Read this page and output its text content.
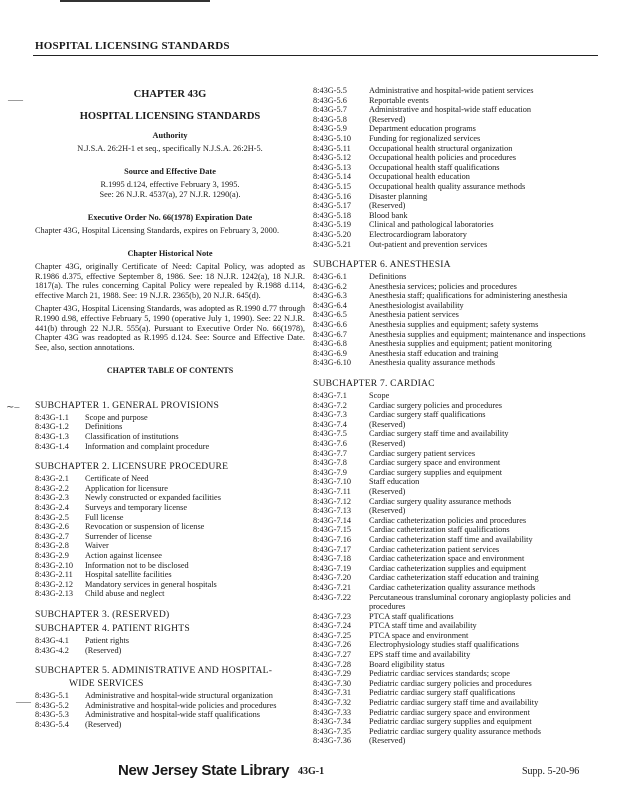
HOSPITAL LICENSING STANDARDS
–—
∼–
–—
CHAPTER 43G
HOSPITAL LICENSING STANDARDS
Authority
N.J.S.A. 26:2H-1 et seq., specifically N.J.S.A. 26:2H-5.
Source and Effective Date
R.1995 d.124, effective February 3, 1995.
See: 26 N.J.R. 4537(a), 27 N.J.R. 1290(a).
Executive Order No. 66(1978) Expiration Date
Chapter 43G, Hospital Licensing Standards, expires on February 3, 2000.
Chapter Historical Note
Chapter 43G, originally Certificate of Need: Capital Policy, was adopted as R.1986 d.375, effective September 8, 1986. See: 18 N.J.R. 1242(a), 18 N.J.R. 1817(a). The rules concerning Capital Policy were repealed by R.1988 d.114, effective March 21, 1988. See: 19 N.J.R. 2365(b), 20 N.J.R. 645(d).
Chapter 43G, Hospital Licensing Standards, was adopted as R.1990 d.77 through R.1990 d.98, effective February 5, 1990 (operative July 1, 1990). See: 22 N.J.R. 441(b) through 22 N.J.R. 555(a). Pursuant to Executive Order No. 66(1978), Chapter 43G was readopted as R.1995 d.124. See: Source and Effective Date. See, also, section annotations.
CHAPTER TABLE OF CONTENTS
SUBCHAPTER 1. GENERAL PROVISIONS
8:43G-1.1	Scope and purpose
8:43G-1.2	Definitions
8:43G-1.3	Classification of institutions
8:43G-1.4	Information and complaint procedure
SUBCHAPTER 2. LICENSURE PROCEDURE
8:43G-2.1	Certificate of Need
8:43G-2.2	Application for licensure
8:43G-2.3	Newly constructed or expanded facilities
8:43G-2.4	Surveys and temporary license
8:43G-2.5	Full license
8:43G-2.6	Revocation or suspension of license
8:43G-2.7	Surrender of license
8:43G-2.8	Waiver
8:43G-2.9	Action against licensee
8:43G-2.10	Information not to be disclosed
8:43G-2.11	Hospital satellite facilities
8:43G-2.12	Mandatory services in general hospitals
8:43G-2.13	Child abuse and neglect
SUBCHAPTER 3. (RESERVED)
SUBCHAPTER 4. PATIENT RIGHTS
8:43G-4.1	Patient rights
8:43G-4.2	(Reserved)
SUBCHAPTER 5. ADMINISTRATIVE AND HOSPITAL-
WIDE SERVICES
8:43G-5.1	Administrative and hospital-wide structural organization
8:43G-5.2	Administrative and hospital-wide policies and procedures
8:43G-5.3	Administrative and hospital-wide staff qualifications
8:43G-5.4	(Reserved)
8:43G-5.5	Administrative and hospital-wide patient services
8:43G-5.6	Reportable events
8:43G-5.7	Administrative and hospital-wide staff education
8:43G-5.8	(Reserved)
8:43G-5.9	Department education programs
8:43G-5.10	Funding for regionalized services
8:43G-5.11	Occupational health structural organization
8:43G-5.12	Occupational health policies and procedures
8:43G-5.13	Occupational health staff qualifications
8:43G-5.14	Occupational health education
8:43G-5.15	Occupational health quality assurance methods
8:43G-5.16	Disaster planning
8:43G-5.17	(Reserved)
8:43G-5.18	Blood bank
8:43G-5.19	Clinical and pathological laboratories
8:43G-5.20	Electrocardiogram laboratory
8:43G-5.21	Out-patient and prevention services
SUBCHAPTER 6. ANESTHESIA
8:43G-6.1	Definitions
8:43G-6.2	Anesthesia services; policies and procedures
8:43G-6.3	Anesthesia staff; qualifications for administering anesthesia
8:43G-6.4	Anesthesiologist availability
8:43G-6.5	Anesthesia patient services
8:43G-6.6	Anesthesia supplies and equipment; safety systems
8:43G-6.7	Anesthesia supplies and equipment; maintenance and inspections
8:43G-6.8	Anesthesia supplies and equipment; patient monitoring
8:43G-6.9	Anesthesia staff education and training
8:43G-6.10	Anesthesia quality assurance methods
SUBCHAPTER 7. CARDIAC
8:43G-7.1	Scope
8:43G-7.2	Cardiac surgery policies and procedures
8:43G-7.3	Cardiac surgery staff qualifications
8:43G-7.4	(Reserved)
8:43G-7.5	Cardiac surgery staff time and availability
8:43G-7.6	(Reserved)
8:43G-7.7	Cardiac surgery patient services
8:43G-7.8	Cardiac surgery space and environment
8:43G-7.9	Cardiac surgery supplies and equipment
8:43G-7.10	Staff education
8:43G-7.11	(Reserved)
8:43G-7.12	Cardiac surgery quality assurance methods
8:43G-7.13	(Reserved)
8:43G-7.14	Cardiac catheterization policies and procedures
8:43G-7.15	Cardiac catheterization staff qualifications
8:43G-7.16	Cardiac catheterization staff time and availability
8:43G-7.17	Cardiac catheterization patient services
8:43G-7.18	Cardiac catheterization space and environment
8:43G-7.19	Cardiac catheterization supplies and equipment
8:43G-7.20	Cardiac catheterization staff education and training
8:43G-7.21	Cardiac catheterization quality assurance methods
8:43G-7.22	Percutaneous transluminal coronary angioplasty policies and procedures
8:43G-7.23	PTCA staff qualifications
8:43G-7.24	PTCA staff time and availability
8:43G-7.25	PTCA space and environment
8:43G-7.26	Electrophysiology studies staff qualifications
8:43G-7.27	EPS staff time and availability
8:43G-7.28	Board eligibility status
8:43G-7.29	Pediatric cardiac services standards; scope
8:43G-7.30	Pediatric cardiac surgery policies and procedures
8:43G-7.31	Pediatric cardiac surgery staff qualifications
8:43G-7.32	Pediatric cardiac surgery staff time and availability
8:43G-7.33	Pediatric cardiac surgery space and environment
8:43G-7.34	Pediatric cardiac surgery supplies and equipment
8:43G-7.35	Pediatric cardiac surgery quality assurance methods
8:43G-7.36	(Reserved)
New Jersey State Library 43G-1	Supp. 5-20-96
